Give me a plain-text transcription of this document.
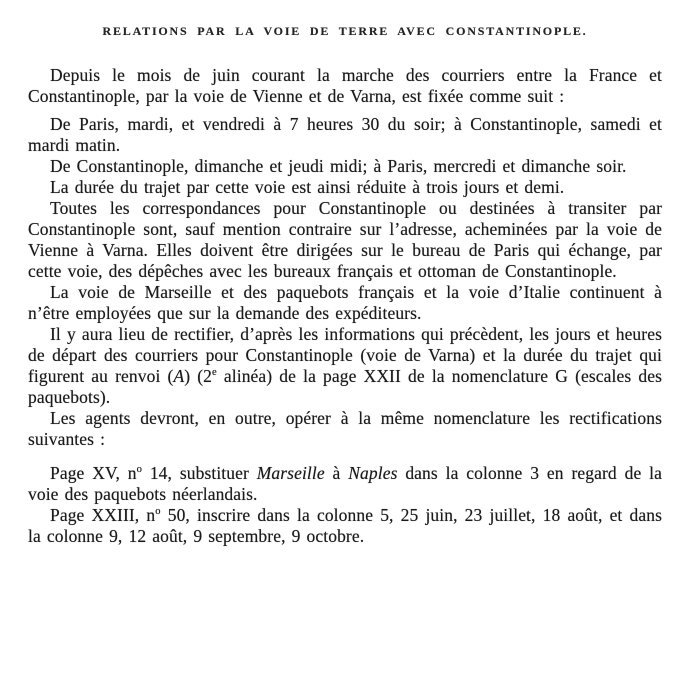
RELATIONS PAR LA VOIE DE TERRE AVEC CONSTANTINOPLE.

Depuis le mois de juin courant la marche des courriers entre la France et Constantinople, par la voie de Vienne et de Varna, est fixée comme suit :

De Paris, mardi, et vendredi à 7 heures 30 du soir; à Constantinople, samedi et mardi matin.

De Constantinople, dimanche et jeudi midi; à Paris, mercredi et dimanche soir.

La durée du trajet par cette voie est ainsi réduite à trois jours et demi.

Toutes les correspondances pour Constantinople ou destinées à transiter par Constantinople sont, sauf mention contraire sur l’adresse, acheminées par la voie de Vienne à Varna. Elles doivent être dirigées sur le bureau de Paris qui échange, par cette voie, des dépêches avec les bureaux français et ottoman de Constantinople.

La voie de Marseille et des paquebots français et la voie d’Italie continuent à n’être employées que sur la demande des expéditeurs.

Il y aura lieu de rectifier, d’après les informations qui précèdent, les jours et heures de départ des courriers pour Constantinople (voie de Varna) et la durée du trajet qui figurent au renvoi (A) (2e alinéa) de la page XXII de la nomenclature G (escales des paquebots).

Les agents devront, en outre, opérer à la même nomenclature les rectifications suivantes :

Page XV, $n^o$ 14, substituer Marseille à Naples dans la colonne 3 en regard de la voie des paquebots néerlandais.

Page XXIII, $n^o$ 50, inscrire dans la colonne 5, 25 juin, 23 juillet, 18 août, et dans la colonne 9, 12 août, 9 septembre, 9 octobre.
